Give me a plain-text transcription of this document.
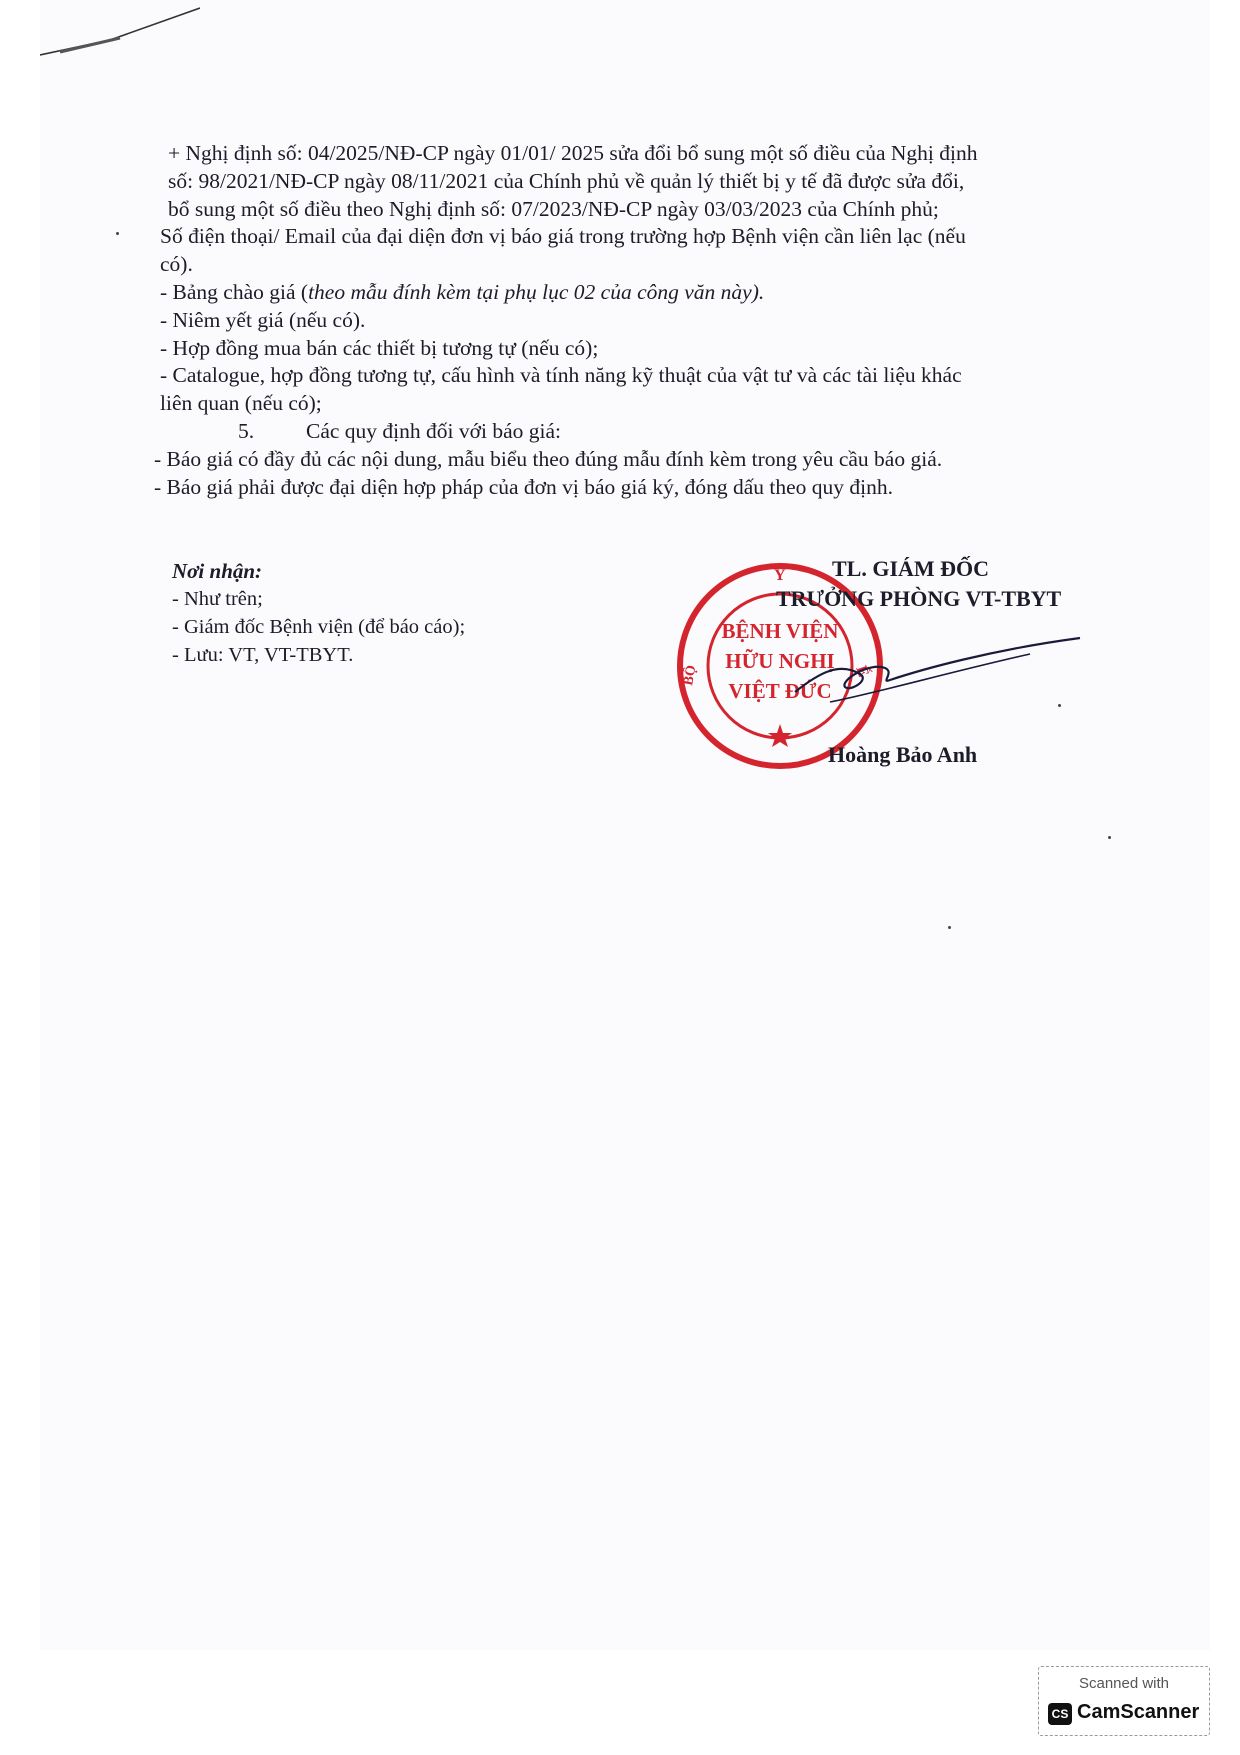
+ Nghị định số: 04/2025/NĐ-CP ngày 01/01/ 2025 sửa đổi bổ sung một số điều của Nghị định

số: 98/2021/NĐ-CP ngày 08/11/2021 của Chính phủ về quản lý thiết bị y tế đã được sửa đổi,

bổ sung một số điều theo Nghị định số: 07/2023/NĐ-CP ngày 03/03/2023 của Chính phủ;

Số điện thoại/ Email của đại diện đơn vị báo giá trong trường hợp Bệnh viện cần liên lạc (nếu

có).

- Bảng chào giá (theo mẫu đính kèm tại phụ lục 02 của công văn này).

- Niêm yết giá (nếu có).

- Hợp đồng mua bán các thiết bị tương tự (nếu có);

- Catalogue, hợp đồng tương tự, cấu hình và tính năng kỹ thuật của vật tư và các tài liệu khác

liên quan (nếu có);

5. Các quy định đối với báo giá:

- Báo giá có đầy đủ các nội dung, mẫu biểu theo đúng mẫu đính kèm trong yêu cầu báo giá.

- Báo giá phải được đại diện hợp pháp của đơn vị báo giá ký, đóng dấu theo quy định.

Nơi nhận:
- Như trên;
- Giám đốc Bệnh viện (để báo cáo);
- Lưu: VT, VT-TBYT.
Y
Ế
BỘ
BỆNH VIỆN
HỮU NGHỊ
VIỆT ĐỨC
TL. GIÁM ĐỐC
TRƯỞNG PHÒNG VT-TBYT
Hoàng Bảo Anh
Scanned with
CS CamScanner
